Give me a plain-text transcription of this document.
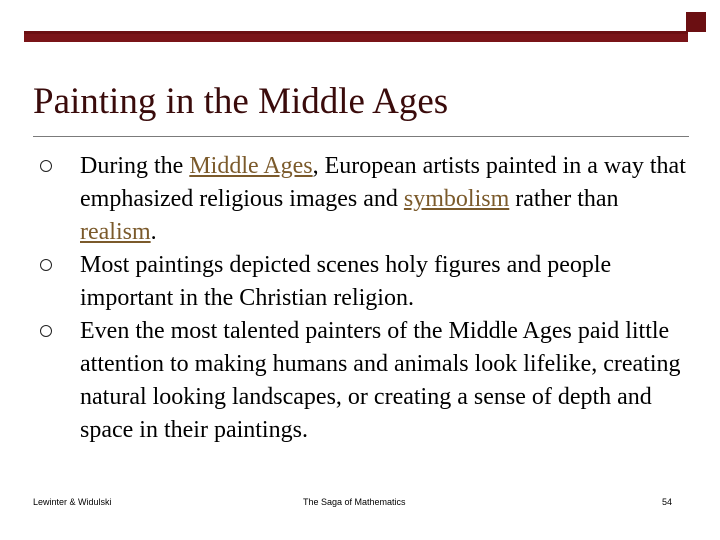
Painting in the Middle Ages
During the Middle Ages, European artists painted in a way that emphasized religious images and symbolism rather than realism.
Most paintings depicted scenes holy figures and people important in the Christian religion.
Even the most talented painters of the Middle Ages paid little attention to making humans and animals look lifelike, creating natural looking landscapes, or creating a sense of depth and space in their paintings.
Lewinter & Widulski	The Saga of Mathematics	54
